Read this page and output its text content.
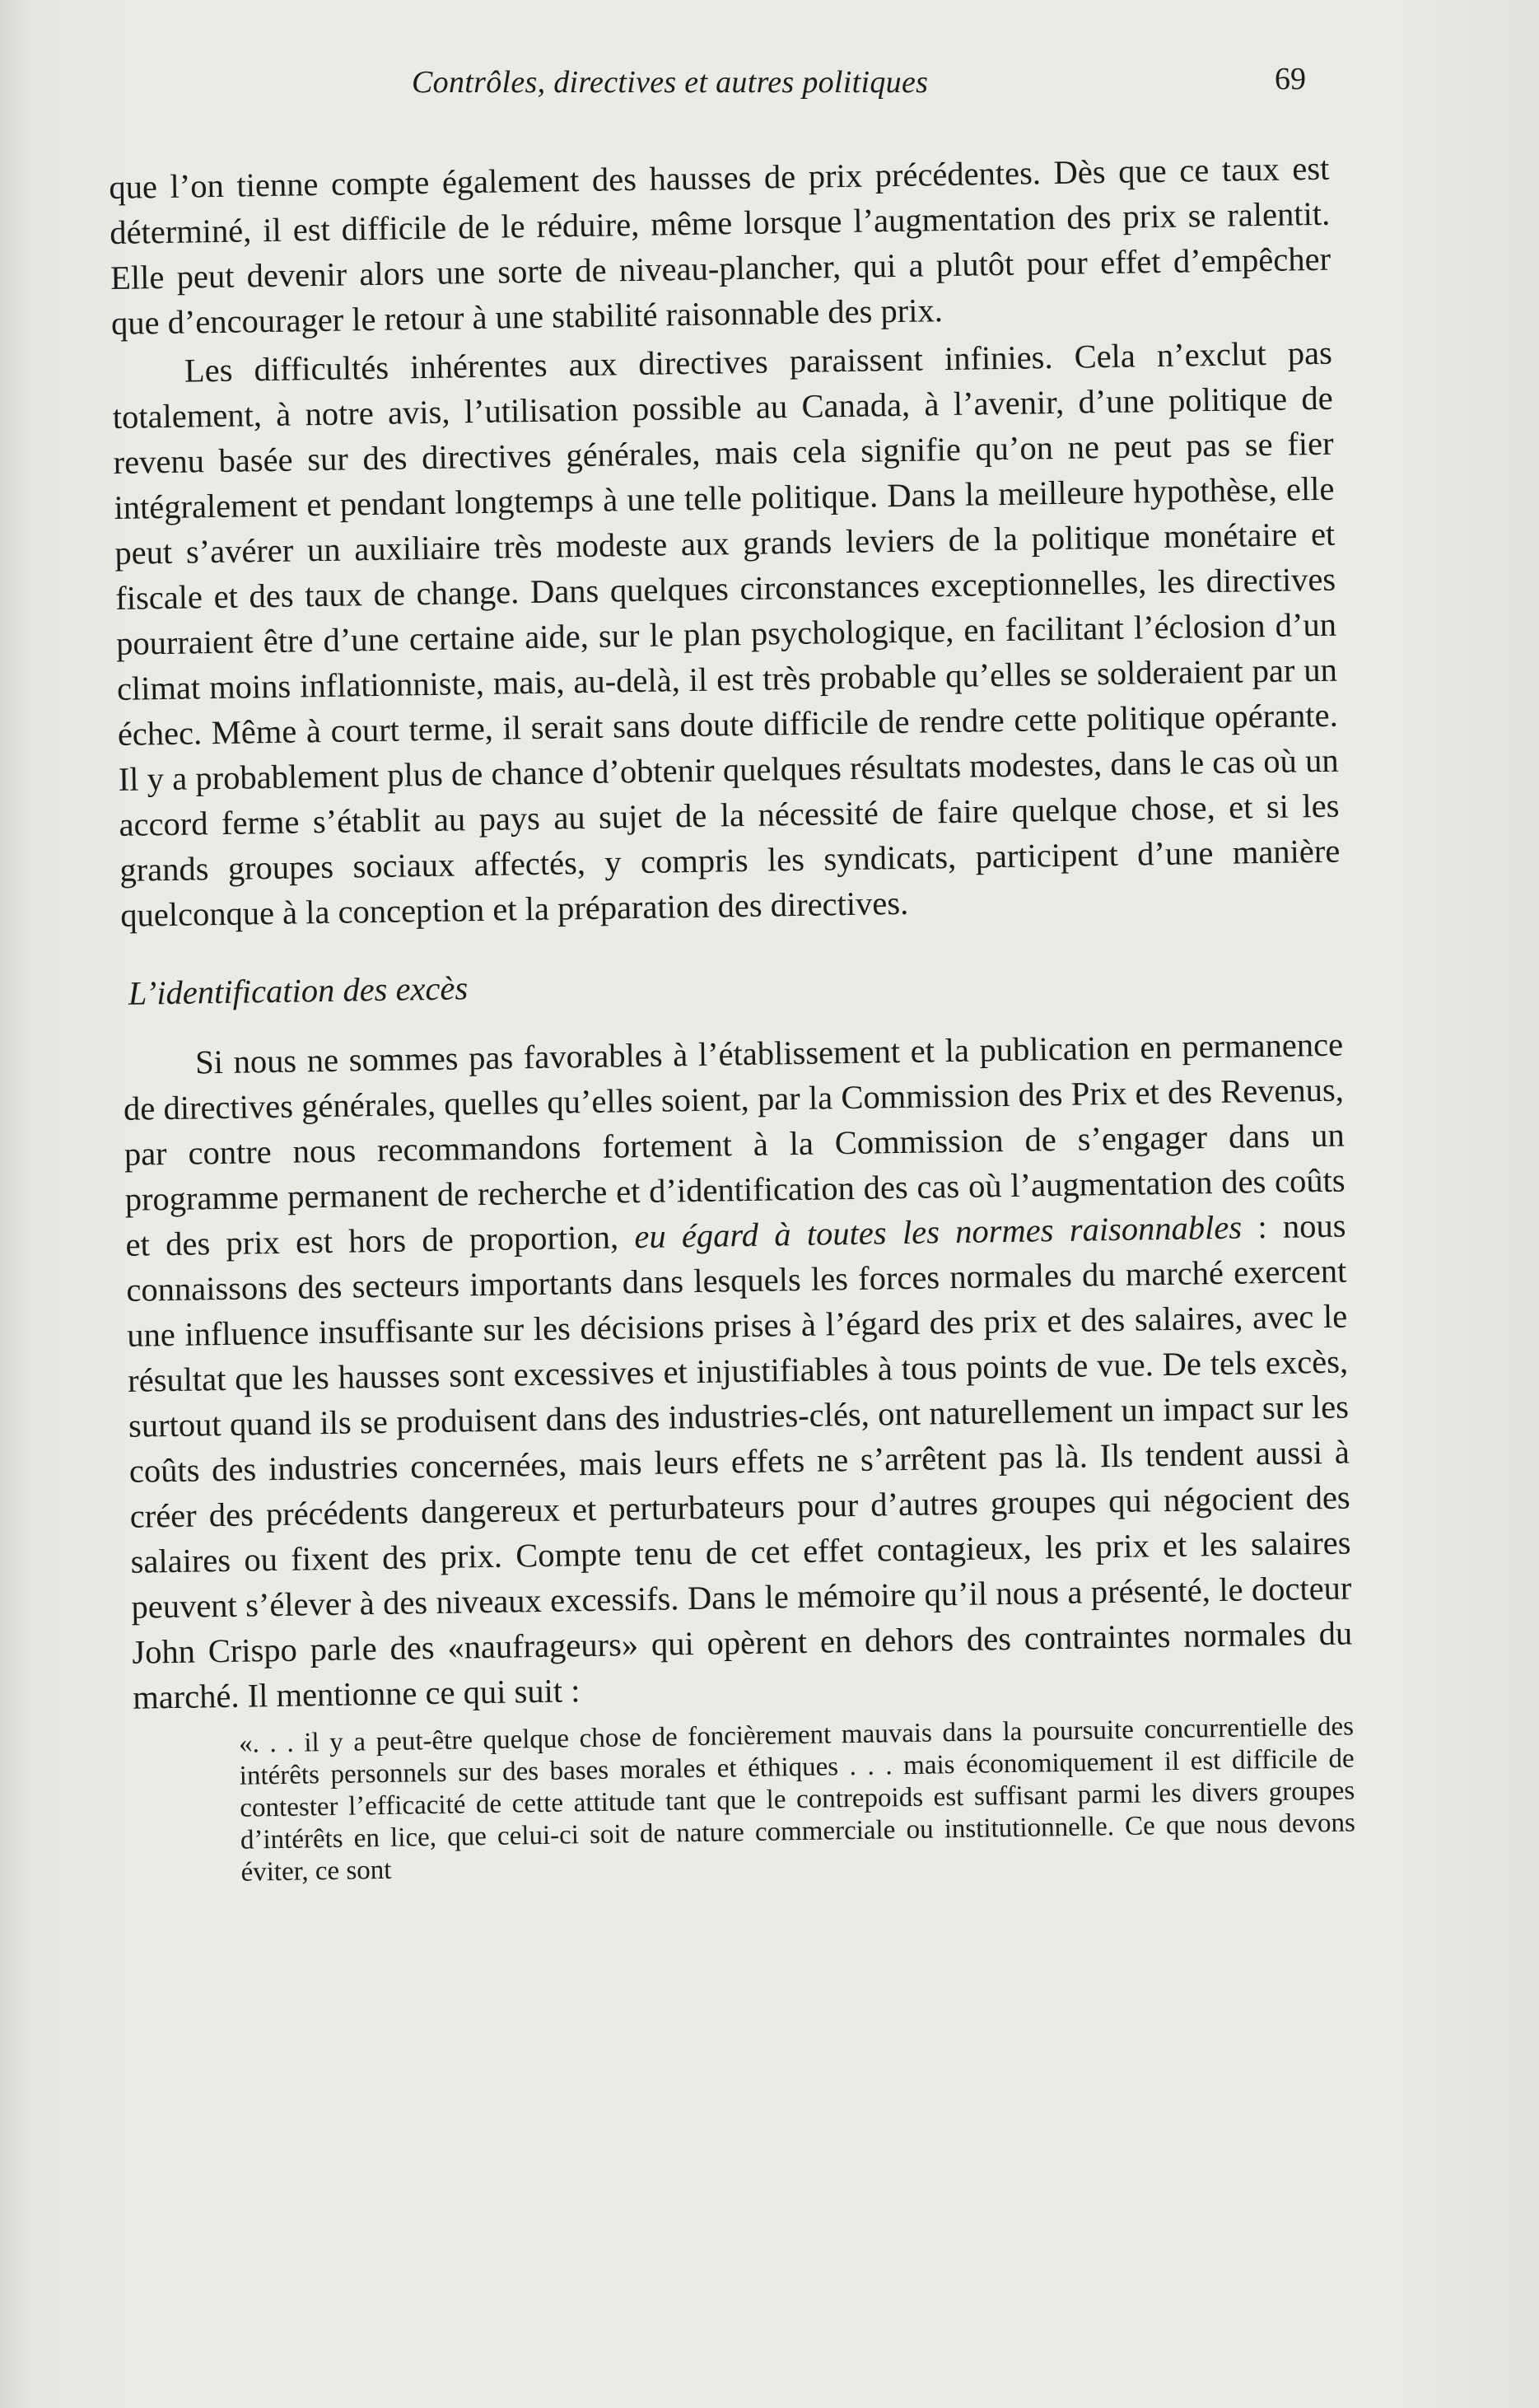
Contrôles, directives et autres politiques	69

que l’on tienne compte également des hausses de prix précédentes. Dès que ce taux est déterminé, il est difficile de le réduire, même lorsque l’augmentation des prix se ralentit. Elle peut devenir alors une sorte de niveau-plancher, qui a plutôt pour effet d’empêcher que d’encourager le retour à une stabilité raisonnable des prix.

Les difficultés inhérentes aux directives paraissent infinies. Cela n’exclut pas totalement, à notre avis, l’utilisation possible au Canada, à l’avenir, d’une politique de revenu basée sur des directives générales, mais cela signifie qu’on ne peut pas se fier intégralement et pendant longtemps à une telle politique. Dans la meilleure hypothèse, elle peut s’avérer un auxiliaire très modeste aux grands leviers de la politique monétaire et fiscale et des taux de change. Dans quelques circonstances exceptionnelles, les directives pourraient être d’une certaine aide, sur le plan psychologique, en facilitant l’éclosion d’un climat moins inflationniste, mais, au-delà, il est très probable qu’elles se solderaient par un échec. Même à court terme, il serait sans doute difficile de rendre cette politique opérante. Il y a probablement plus de chance d’obtenir quelques résultats modestes, dans le cas où un accord ferme s’établit au pays au sujet de la nécessité de faire quelque chose, et si les grands groupes sociaux affectés, y compris les syndicats, participent d’une manière quelconque à la conception et la préparation des directives.

L’identification des excès

Si nous ne sommes pas favorables à l’établissement et la publication en permanence de directives générales, quelles qu’elles soient, par la Commission des Prix et des Revenus, par contre nous recommandons fortement à la Commission de s’engager dans un programme permanent de recherche et d’identification des cas où l’augmentation des coûts et des prix est hors de proportion, eu égard à toutes les normes raisonnables : nous connaissons des secteurs importants dans lesquels les forces normales du marché exercent une influence insuffisante sur les décisions prises à l’égard des prix et des salaires, avec le résultat que les hausses sont excessives et injustifiables à tous points de vue. De tels excès, surtout quand ils se produisent dans des industries-clés, ont naturellement un impact sur les coûts des industries concernées, mais leurs effets ne s’arrêtent pas là. Ils tendent aussi à créer des précédents dangereux et perturbateurs pour d’autres groupes qui négocient des salaires ou fixent des prix. Compte tenu de cet effet contagieux, les prix et les salaires peuvent s’élever à des niveaux excessifs. Dans le mémoire qu’il nous a présenté, le docteur John Crispo parle des «naufrageurs» qui opèrent en dehors des contraintes normales du marché. Il mentionne ce qui suit :

«. . . il y a peut-être quelque chose de foncièrement mauvais dans la poursuite concurrentielle des intérêts personnels sur des bases morales et éthiques . . . mais économiquement il est difficile de contester l’efficacité de cette attitude tant que le contrepoids est suffisant parmi les divers groupes d’intérêts en lice, que celui-ci soit de nature commerciale ou institutionnelle. Ce que nous devons éviter, ce sont
